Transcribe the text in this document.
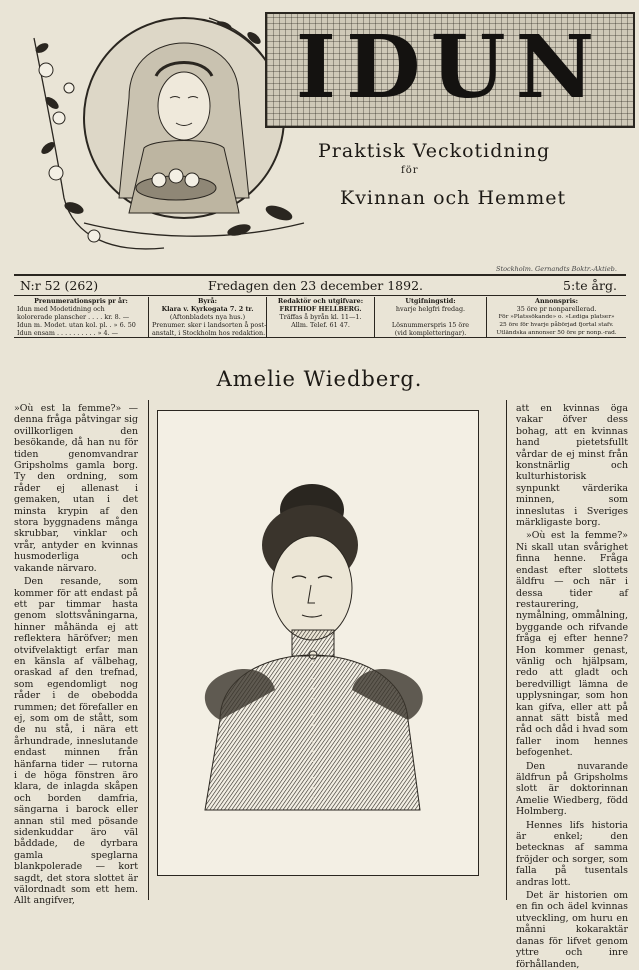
IDUN
Praktisk Veckotidning
för
Kvinnan och Hemmet
Stockholm. Gernandts Boktr.-Aktieb.
N:r 52 (262)	Fredagen den 23 december 1892.	5:te årg.
Prenumerationspris pr år:
Idun med Modetidning och
kolorerade planscher . . . . kr. 8. —
Idun m. Modet. utan kol. pl. . » 6. 50
Idun ensam . . . . . . . . . . » 4. —
Byrå:
Klara v. Kyrkogata 7. 2 tr.
(Aftonbladets nya hus.)
Prenumer. sker i landsorten å post-
anstalt, i Stockholm hos redaktion.
Redaktör och utgifvare:
FRITHIOF HELLBERG.
Träffas å byrån kl. 11—1.
Allm. Telef. 61 47.
Utgifningstid:
hvarje helgfri fredag.

Lösnummerspris 15 öre
(vid kompletteringar).
Annonspris:
35 öre pr nonparellerad.
För »Platssökande» o. »Lediga platser»
25 öre för hvarje påbörjad fjortal stafv.
Utländska annonser 50 öre pr nonp.-rad.
Amelie Wiedberg.

»Où est la femme?» — denna fråga påtvingar sig ovillkorligen den besökande, då han nu för tiden genomvandrar Gripsholms gamla borg. Ty den ordning, som råder ej allenast i gemaken, utan i det minsta krypin af den stora byggnadens många skrubbar, vinklar och vrår, antyder en kvinnas husmoderliga och vakande närvaro.

Den resande, som kommer för att endast på ett par timmar hasta genom slottsvåningarna, hinner måhända ej att reflektera häröfver; men otvifvelaktigt erfar man en känsla af välbehag, oraskad af den trefnad, som egendomligt nog råder i de obebodda rummen; det förefaller en ej, som om de stått, som de nu stå, i nära ett århundrade, inneslutande endast minnen från hänfarna tider — rutorna i de höga fönstren äro klara, de inlagda skåpen och borden damfria, sängarna i barock eller annan stil med pösande sidenkuddar äro väl båddade, de dyrbara gamla speglarna blankpolerade — kort sagdt, det stora slottet är välordnadt som ett hem. Allt angifver,

att en kvinnas öga vakar öfver dess bohag, att en kvinnas hand pietetsfullt vårdar de ej minst från konstnärlig och kulturhistorisk synpunkt värderika minnen, som inneslutas i Sveriges märkligaste borg.

»Où est la femme?» Ni skall utan svårighet finna henne. Fråga endast efter slottets äldfru — och när i dessa tider af restaurering, nymålning, ommålning, byggande och rifvande fråga ej efter henne? Hon kommer genast, vänlig och hjälpsam, redo att gladt och beredvilligt lämna de upplysningar, som hon kan gifva, eller att på annat sätt bistå med råd och dåd i hvad som faller inom hennes befogenhet.

Den nuvarande äldfrun på Gripsholms slott är doktorinnan Amelie Wiedberg, född Holmberg.

Hennes lifs historia är enkel; den betecknas af samma fröjder och sorger, som falla på tusentals andras lott.

Det är historien om en fin och ädel kvinnas utveckling, om huru en månni kokaraktär danas för lifvet genom yttre och inre förhållanden,
